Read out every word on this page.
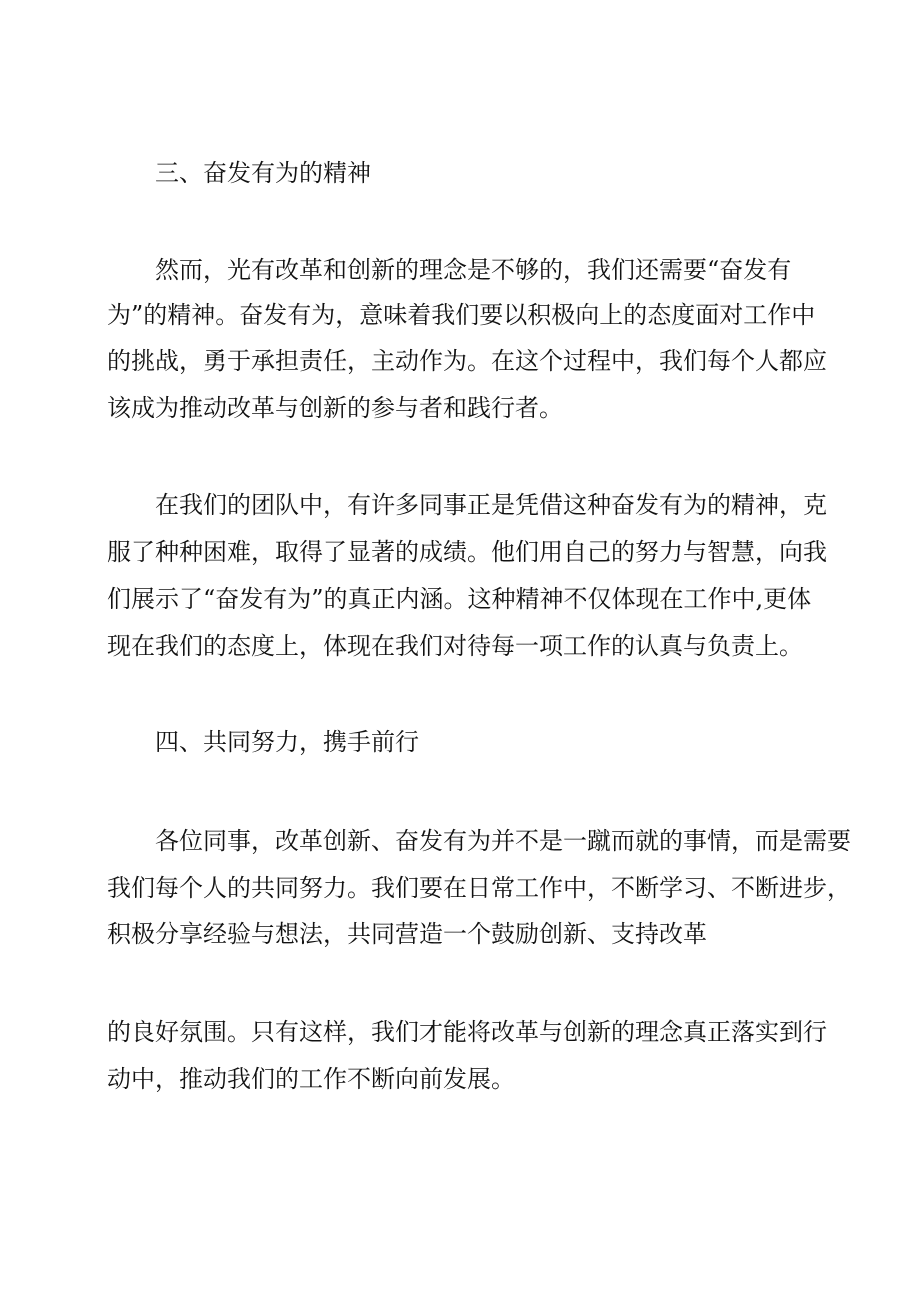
三、奋发有为的精神
然而，光有改革和创新的理念是不够的，我们还需要“奋发有
为”的精神。奋发有为，意味着我们要以积极向上的态度面对工作中
的挑战，勇于承担责任，主动作为。在这个过程中，我们每个人都应
该成为推动改革与创新的参与者和践行者。
在我们的团队中，有许多同事正是凭借这种奋发有为的精神，克
服了种种困难，取得了显著的成绩。他们用自己的努力与智慧，向我
们展示了“奋发有为”的真正内涵。这种精神不仅体现在工作中,更体
现在我们的态度上，体现在我们对待每一项工作的认真与负责上。
四、共同努力，携手前行
各位同事，改革创新、奋发有为并不是一蹴而就的事情，而是需要
我们每个人的共同努力。我们要在日常工作中，不断学习、不断进步，
积极分享经验与想法，共同营造一个鼓励创新、支持改革
的良好氛围。只有这样，我们才能将改革与创新的理念真正落实到行
动中，推动我们的工作不断向前发展。
